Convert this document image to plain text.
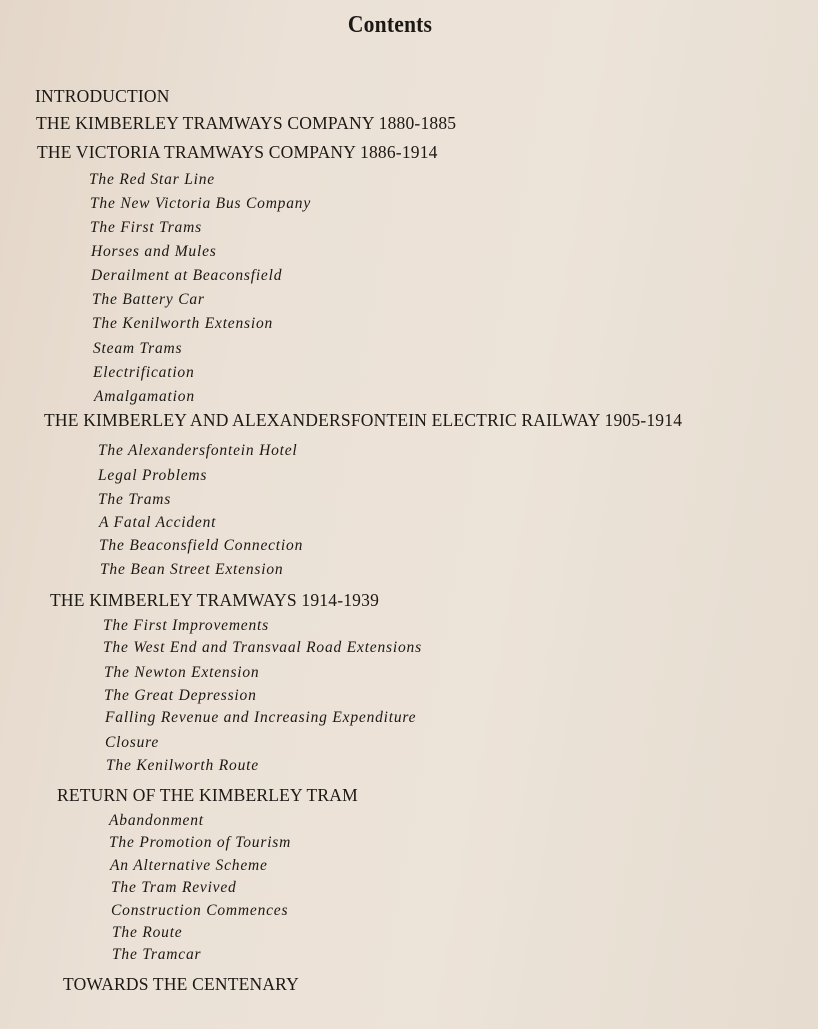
Contents
INTRODUCTION
THE KIMBERLEY TRAMWAYS COMPANY 1880-1885
THE VICTORIA TRAMWAYS COMPANY 1886-1914
The Red Star Line
The New Victoria Bus Company
The First Trams
Horses and Mules
Derailment at Beaconsfield
The Battery Car
The Kenilworth Extension
Steam Trams
Electrification
Amalgamation
THE KIMBERLEY AND ALEXANDERSFONTEIN ELECTRIC RAILWAY 1905-1914
The Alexandersfontein Hotel
Legal Problems
The Trams
A Fatal Accident
The Beaconsfield Connection
The Bean Street Extension
THE KIMBERLEY TRAMWAYS 1914-1939
The First Improvements
The West End and Transvaal Road Extensions
The Newton Extension
The Great Depression
Falling Revenue and Increasing Expenditure
Closure
The Kenilworth Route
RETURN OF THE KIMBERLEY TRAM
Abandonment
The Promotion of Tourism
An Alternative Scheme
The Tram Revived
Construction Commences
The Route
The Tramcar
TOWARDS THE CENTENARY
